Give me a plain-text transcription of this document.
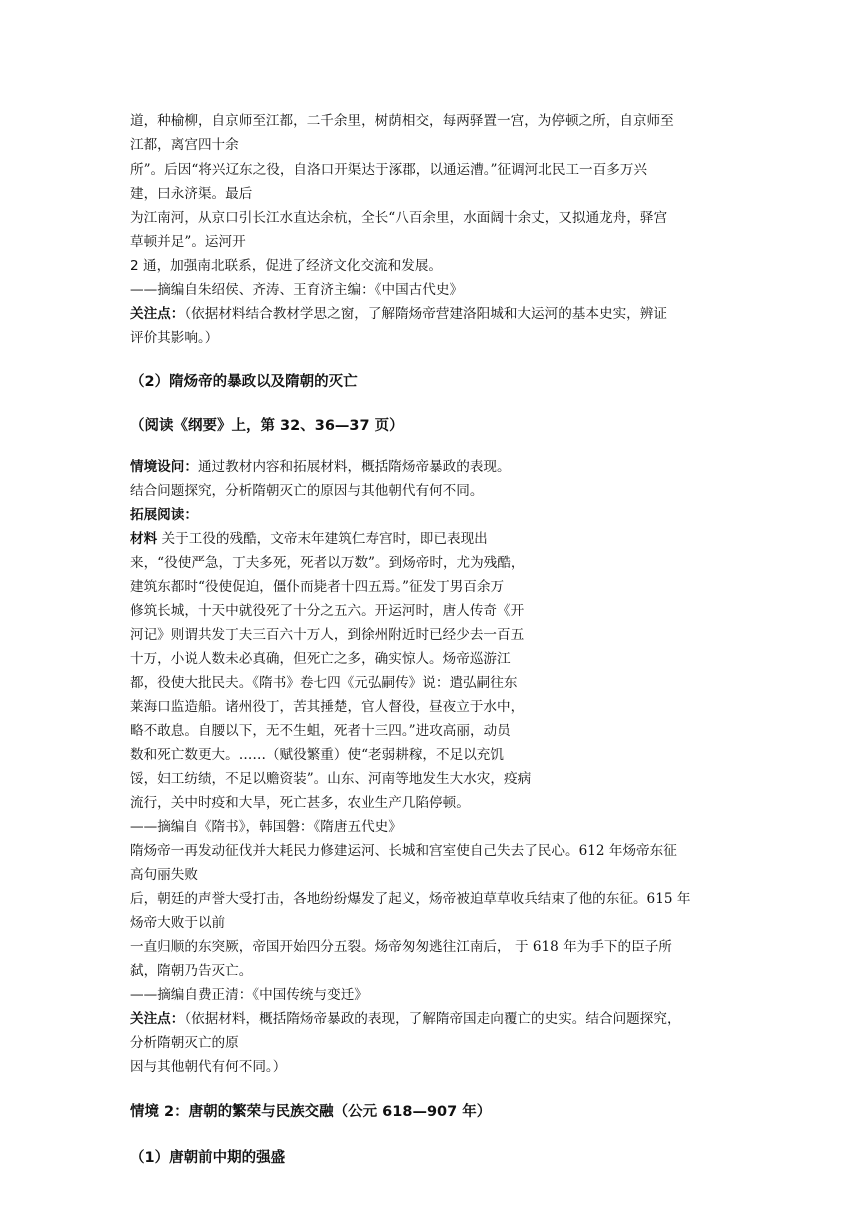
道，种榆柳，自京师至江都，二千余里，树荫相交，每两驿置一宫，为停顿之所，自京师至
江都，离宫四十余
所”。后因“将兴辽东之役，自洛口开渠达于涿郡，以通运漕。”征调河北民工一百多万兴
建，曰永济渠。最后
为江南河，从京口引长江水直达余杭，全长“八百余里，水面阔十余丈，又拟通龙舟，驿宫
草顿并足”。运河开
2 通，加强南北联系，促进了经济文化交流和发展。
——摘编自朱绍侯、齐涛、王育济主编：《中国古代史》
关注点：（依据材料结合教材学思之窗，了解隋炀帝营建洛阳城和大运河的基本史实，辨证
评价其影响。）
（2）隋炀帝的暴政以及隋朝的灭亡
（阅读《纲要》上，第 32、36—37 页）
情境设问：通过教材内容和拓展材料，概括隋炀帝暴政的表现。
结合问题探究，分析隋朝灭亡的原因与其他朝代有何不同。
拓展阅读：
材料 关于工役的残酷，文帝末年建筑仁寿宫时，即已表现出
来，“役使严急，丁夫多死，死者以万数”。到炀帝时，尤为残酷，
建筑东都时“役使促迫，僵仆而毙者十四五焉。”征发丁男百余万
修筑长城，十天中就役死了十分之五六。开运河时，唐人传奇《开
河记》则谓共发丁夫三百六十万人，到徐州附近时已经少去一百五
十万，小说人数未必真确，但死亡之多，确实惊人。炀帝巡游江
都，役使大批民夫。《隋书》卷七四《元弘嗣传》说：遣弘嗣往东
莱海口监造船。诸州役丁，苦其捶楚，官人督役，昼夜立于水中，
略不敢息。自腰以下，无不生蛆，死者十三四。”进攻高丽，动员
数和死亡数更大。……（赋役繁重）使“老弱耕稼，不足以充饥
馁，妇工纺绩，不足以赡资装”。山东、河南等地发生大水灾，疫病
流行，关中时疫和大旱，死亡甚多，农业生产几陷停顿。
——摘编自《隋书》，韩国磐：《隋唐五代史》
隋炀帝一再发动征伐并大耗民力修建运河、长城和宫室使自己失去了民心。612 年炀帝东征
高句丽失败
后，朝廷的声誉大受打击，各地纷纷爆发了起义，炀帝被迫草草收兵结束了他的东征。615 年
炀帝大败于以前
一直归顺的东突厥，帝国开始四分五裂。炀帝匆匆逃往江南后， 于 618 年为手下的臣子所
弑，隋朝乃告灭亡。
——摘编自费正清：《中国传统与变迁》
关注点：（依据材料，概括隋炀帝暴政的表现，了解隋帝国走向覆亡的史实。结合问题探究，
分析隋朝灭亡的原
因与其他朝代有何不同。）
情境 2：唐朝的繁荣与民族交融（公元 618—907 年）
（1）唐朝前中期的强盛
